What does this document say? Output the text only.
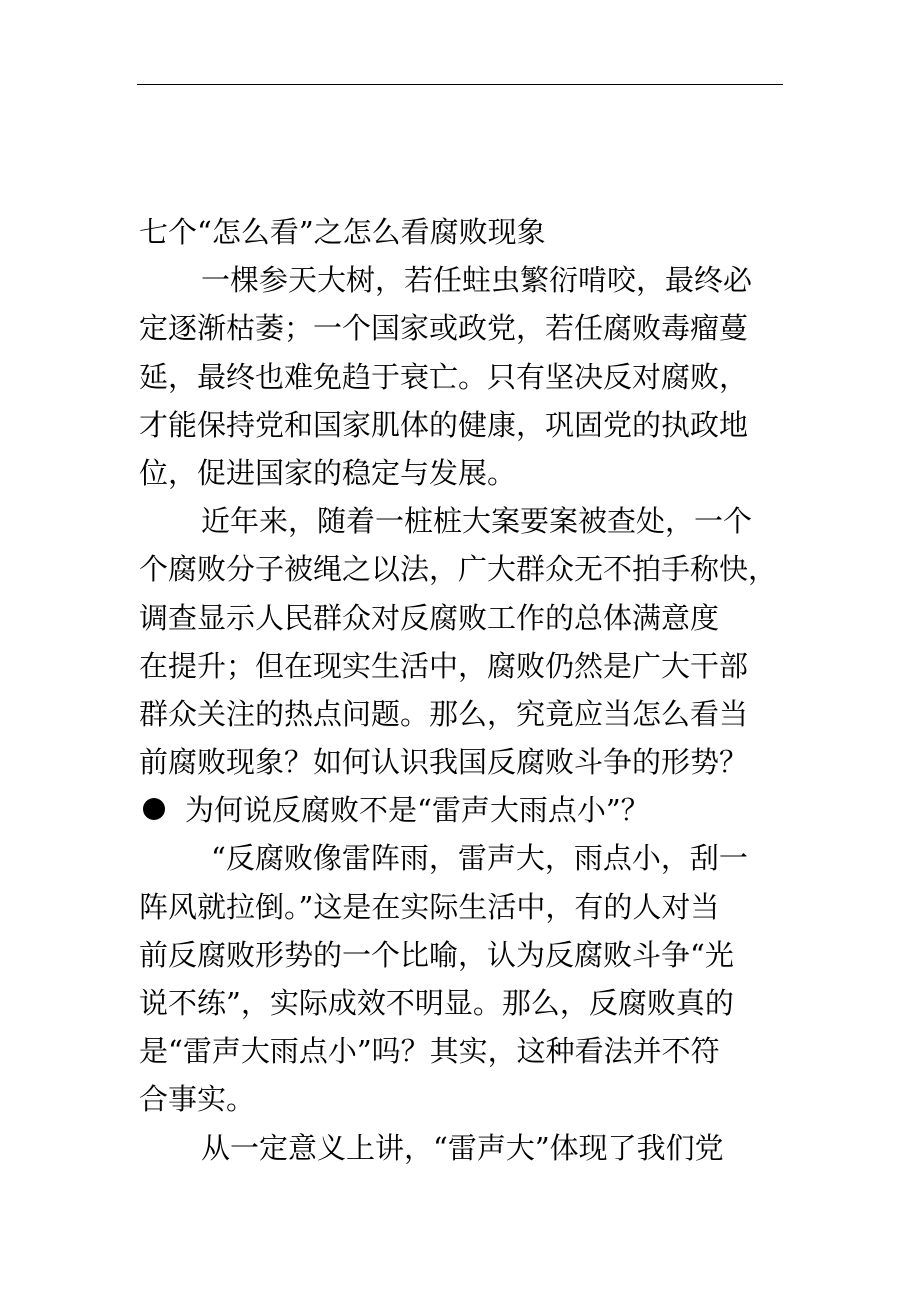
七个“怎么看”之怎么看腐败现象

一棵参天大树，若任蛀虫繁衍啃咬，最终必
定逐渐枯萎；一个国家或政党，若任腐败毒瘤蔓
延，最终也难免趋于衰亡。只有坚决反对腐败，
才能保持党和国家肌体的健康，巩固党的执政地
位，促进国家的稳定与发展。

近年来，随着一桩桩大案要案被查处，一个
个腐败分子被绳之以法，广大群众无不拍手称快，
调查显示人民群众对反腐败工作的总体满意度
在提升；但在现实生活中，腐败仍然是广大干部
群众关注的热点问题。那么，究竟应当怎么看当
前腐败现象？如何认识我国反腐败斗争的形势？

为何说反腐败不是“雷声大雨点小”？

“反腐败像雷阵雨，雷声大，雨点小，刮一
阵风就拉倒。”这是在实际生活中，有的人对当
前反腐败形势的一个比喻，认为反腐败斗争“光
说不练”，实际成效不明显。那么，反腐败真的
是“雷声大雨点小”吗？其实，这种看法并不符
合事实。

从一定意义上讲，“雷声大”体现了我们党
